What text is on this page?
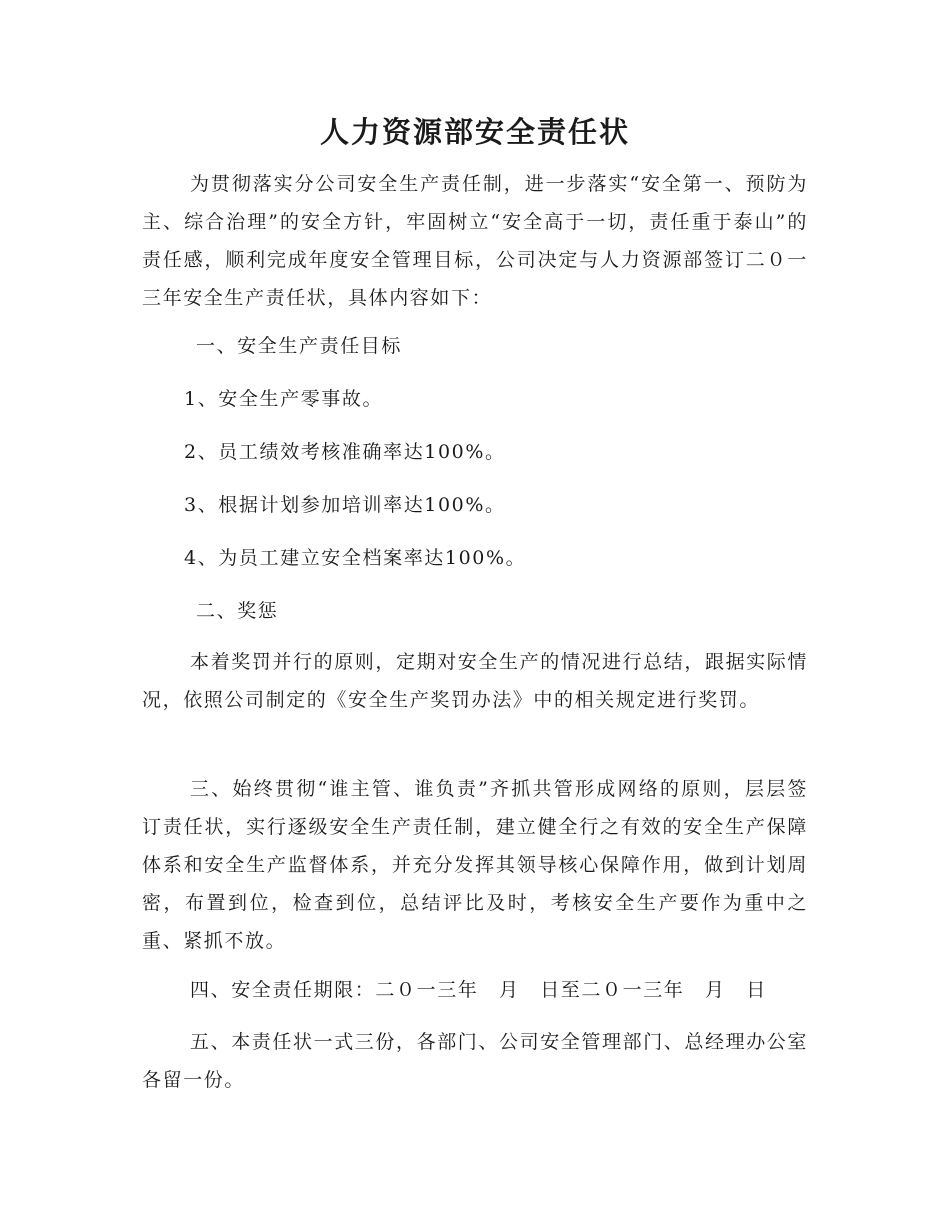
人力资源部安全责任状
为贯彻落实分公司安全生产责任制，进一步落实“安全第一、预防为主、综合治理”的安全方针，牢固树立“安全高于一切，责任重于泰山”的责任感，顺利完成年度安全管理目标，公司决定与人力资源部签订二０一三年安全生产责任状，具体内容如下：
一、安全生产责任目标
1、安全生产零事故。
2、员工绩效考核准确率达100%。
3、根据计划参加培训率达100%。
4、为员工建立安全档案率达100%。
二、奖惩
本着奖罚并行的原则，定期对安全生产的情况进行总结，跟据实际情况，依照公司制定的《安全生产奖罚办法》中的相关规定进行奖罚。
三、始终贯彻“谁主管、谁负责”齐抓共管形成网络的原则，层层签订责任状，实行逐级安全生产责任制，建立健全行之有效的安全生产保障体系和安全生产监督体系，并充分发挥其领导核心保障作用，做到计划周密，布置到位，检查到位，总结评比及时，考核安全生产要作为重中之重、紧抓不放。
四、安全责任期限：二０一三年　月　日至二０一三年　月　日
五、本责任状一式三份，各部门、公司安全管理部门、总经理办公室各留一份。
